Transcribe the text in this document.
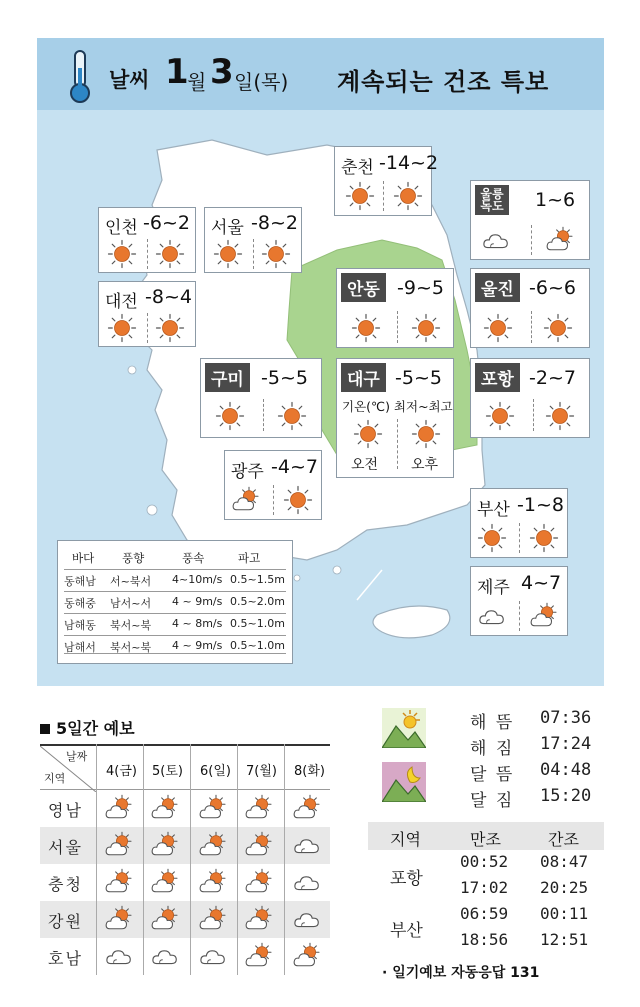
날씨 1
월 3 일(목) 계속되는 건조 특보
춘천 -14~2
인천 -6~2 서울 -8~2
울릉 독도 1~6
대전 -8~4	안동 -9~5	울진 -6~6
구미 -5~5	대구 -5~5
기온(℃) 최저~최고
오전 오후
포항 -2~7
광주 -4~7
부산 -1~8
제주 4~7
바다 풍향	풍속	파고
동해남 서~북서 4~10m/s 0.5~1.5m
동해중 남서~서 4 ~ 9m/s 0.5~2.0m
남해동 북서~북 4 ~ 8m/s 0.5~1.0m
남해서 북서~북 4 ~ 9m/s 0.5~1.0m
5일간 예보
날짜
지역	4(금) 5(토) 6(일) 7(월) 8(화)
영남
서울
충청
강원
호남
해 뜸 07:36
해 짐 17:24
달 뜸 04:48
달 짐 15:20
지역	만조	간조
포항
00:52 08:47
17:02 20:25
부산
06:59 00:11
18:56 12:51
· 일기예보 자동응답 131
